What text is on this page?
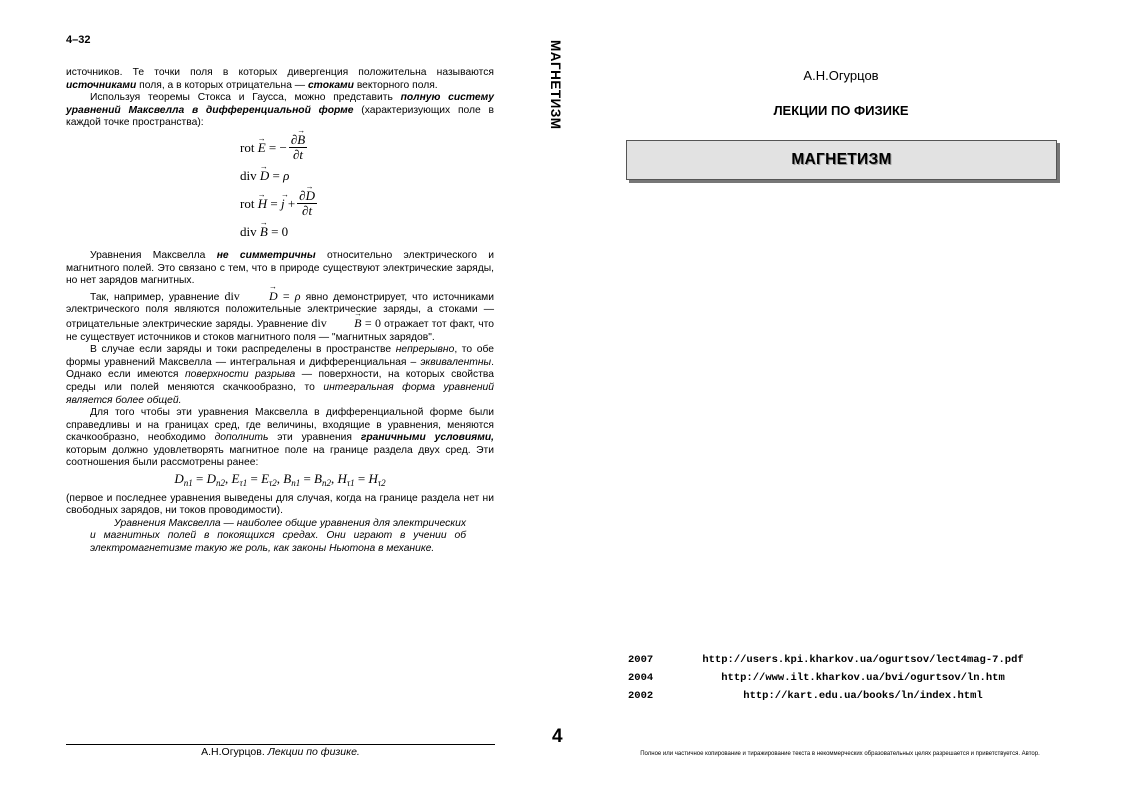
4–32

источников. Те точки поля в которых дивергенция положительна называются источниками поля, а в которых отрицательна — стоками векторного поля.

Используя теоремы Стокса и Гаусса, можно представить полную систему уравнений Максвелла в дифференциальной форме (характеризующих поле в каждой точке пространства):

rot
→ E
= − $\frac{\partial\to B}{\partial t}$
div
→ D
=
ρ
rot
→ H
=
→ j
+ $\frac{\partial\to D}{\partial t}$
div
→ B
= 0

Уравнения Максвелла не симметричны относительно электрического и магнитного полей. Это связано с тем, что в природе существуют электрические заряды, но нет зарядов магнитных.

Так, например, уравнение div → D = ρ явно демонстрирует, что источниками электрического поля являются положительные электрические заряды, а стоками — отрицательные электрические заряды. Уравнение div → B = 0 отражает тот факт, что не существует источников и стоков магнитного поля — "магнитных зарядов".

В случае если заряды и токи распределены в пространстве непрерывно, то обе формы уравнений Максвелла — интегральная и дифференциальная – эквивалентны. Однако если имеются поверхности разрыва — поверхности, на которых свойства среды или полей меняются скачкообразно, то интегральная форма уравнений является более общей.

Для того чтобы эти уравнения Максвелла в дифференциальной форме были справедливы и на границах сред, где величины, входящие в уравнения, меняются скачкообразно, необходимо дополнить эти уравнения граничными условиями, которым должно удовлетворять магнитное поле на границе раздела двух сред. Эти соотношения были рассмотрены ранее:

$D_{n1} = D_{n2}$, $E_{\tau 1} = E_{\tau 2}$, $B_{n1} = B_{n2}$, $H_{\tau 1} = H_{\tau 2}$

(первое и последнее уравнения выведены для случая, когда на границе раздела нет ни свободных зарядов, ни токов проводимости).

Уравнения Максвелла — наиболее общие уравнения для электрических и магнитных полей в покоящихся средах. Они играют в учении об электромагнетизме такую же роль, как законы Ньютона в механике.

А.Н.Огурцов. Лекции по физике.
МАГНЕТИЗМ
4
А.Н.Огурцов
ЛЕКЦИИ ПО ФИЗИКЕ
МАГНЕТИЗМ
2007	http://users.kpi.kharkov.ua/ogurtsov/lect4mag-7.pdf
2004	http://www.ilt.kharkov.ua/bvi/ogurtsov/ln.htm
2002	http://kart.edu.ua/books/ln/index.html
Полное или частичное копирование и тиражирование текста в некоммерческих образовательных целях разрешается и приветствуется. Автор.
